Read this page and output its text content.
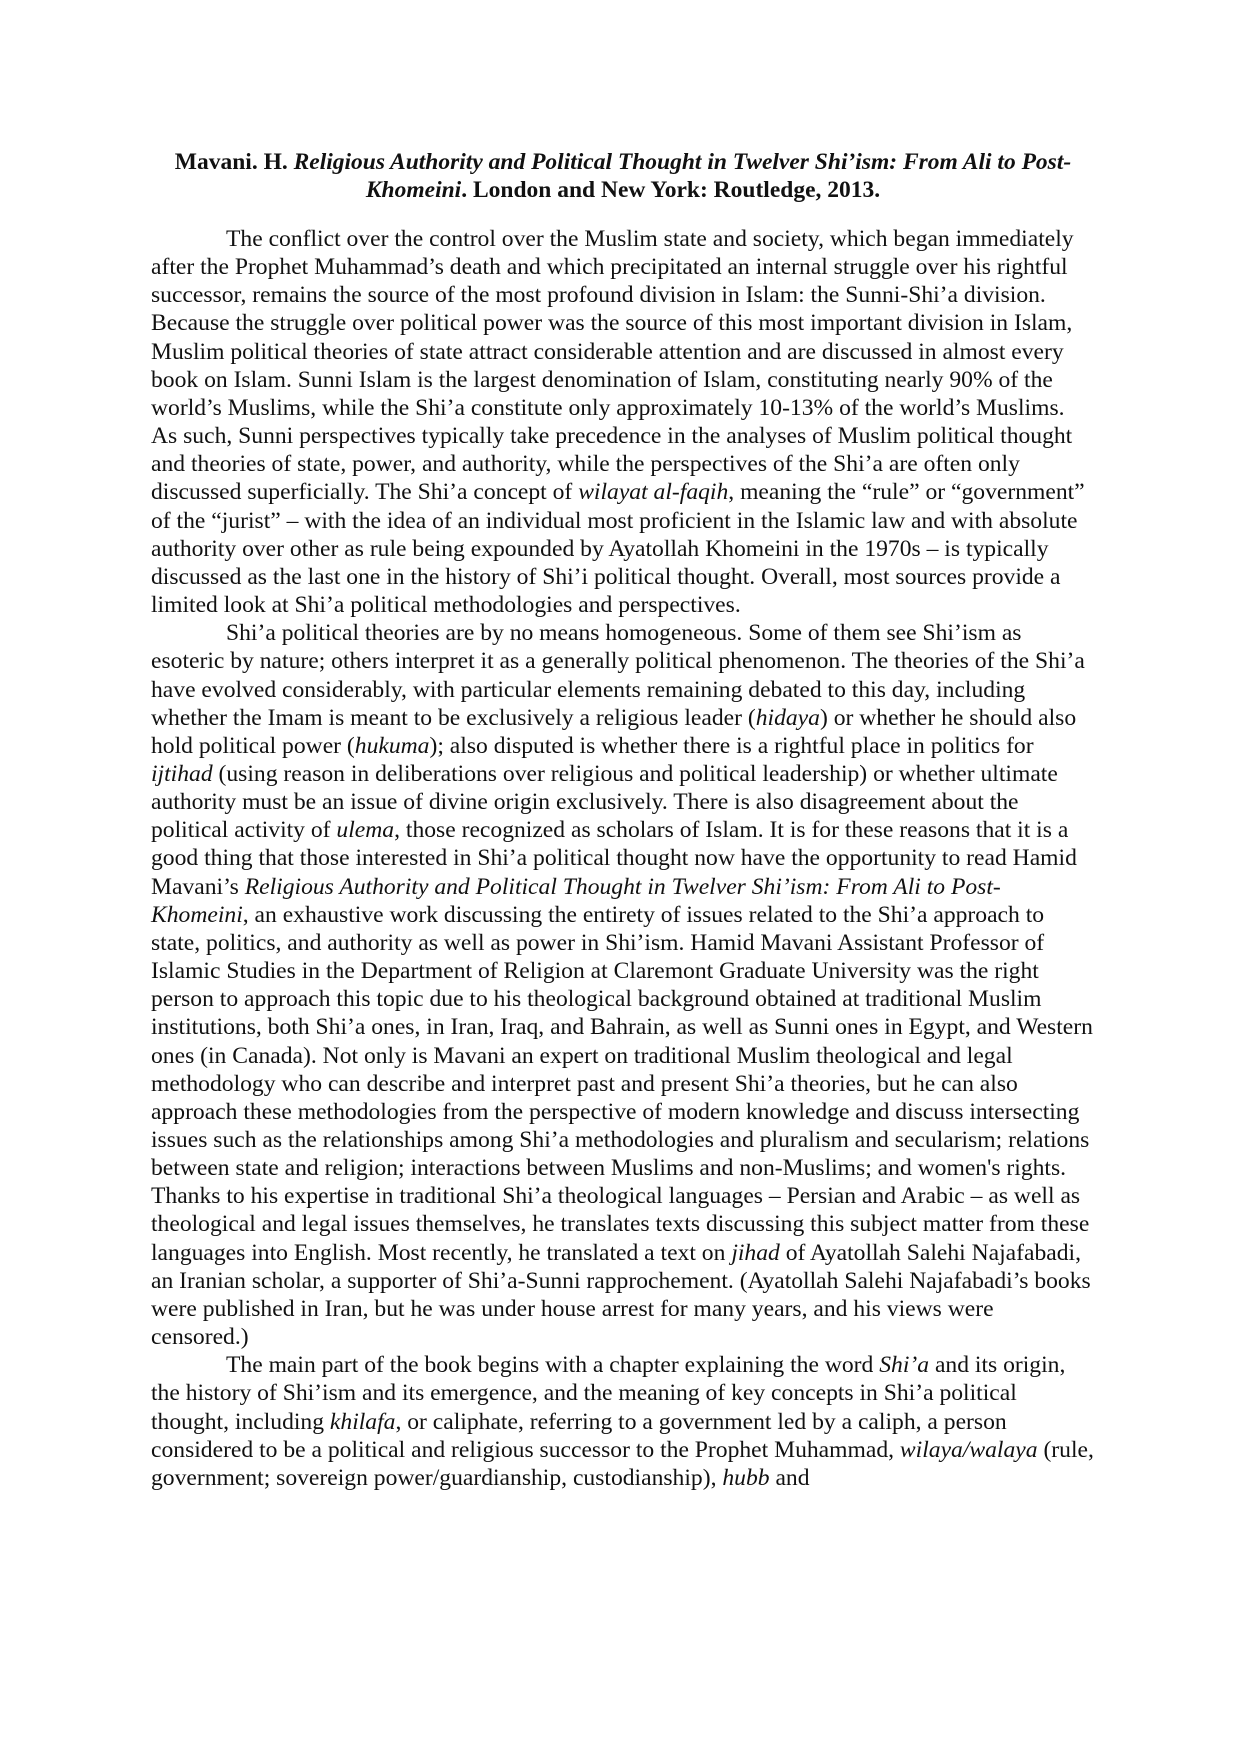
Mavani. H. Religious Authority and Political Thought in Twelver Shi’ism: From Ali to Post-Khomeini. London and New York: Routledge, 2013.

The conflict over the control over the Muslim state and society, which began immediately after the Prophet Muhammad’s death and which precipitated an internal struggle over his rightful successor, remains the source of the most profound division in Islam: the Sunni-Shi’a division. Because the struggle over political power was the source of this most important division in Islam, Muslim political theories of state attract considerable attention and are discussed in almost every book on Islam. Sunni Islam is the largest denomination of Islam, constituting nearly 90% of the world’s Muslims, while the Shi’a constitute only approximately 10-13% of the world’s Muslims. As such, Sunni perspectives typically take precedence in the analyses of Muslim political thought and theories of state, power, and authority, while the perspectives of the Shi’a are often only discussed superficially. The Shi’a concept of wilayat al-faqih, meaning the “rule” or “government” of the “jurist” – with the idea of an individual most proficient in the Islamic law and with absolute authority over other as rule being expounded by Ayatollah Khomeini in the 1970s – is typically discussed as the last one in the history of Shi’i political thought. Overall, most sources provide a limited look at Shi’a political methodologies and perspectives.

Shi’a political theories are by no means homogeneous. Some of them see Shi’ism as esoteric by nature; others interpret it as a generally political phenomenon. The theories of the Shi’a have evolved considerably, with particular elements remaining debated to this day, including whether the Imam is meant to be exclusively a religious leader (hidaya) or whether he should also hold political power (hukuma); also disputed is whether there is a rightful place in politics for ijtihad (using reason in deliberations over religious and political leadership) or whether ultimate authority must be an issue of divine origin exclusively. There is also disagreement about the political activity of ulema, those recognized as scholars of Islam. It is for these reasons that it is a good thing that those interested in Shi’a political thought now have the opportunity to read Hamid Mavani’s Religious Authority and Political Thought in Twelver Shi’ism: From Ali to Post-Khomeini, an exhaustive work discussing the entirety of issues related to the Shi’a approach to state, politics, and authority as well as power in Shi’ism. Hamid Mavani Assistant Professor of Islamic Studies in the Department of Religion at Claremont Graduate University was the right person to approach this topic due to his theological background obtained at traditional Muslim institutions, both Shi’a ones, in Iran, Iraq, and Bahrain, as well as Sunni ones in Egypt, and Western ones (in Canada). Not only is Mavani an expert on traditional Muslim theological and legal methodology who can describe and interpret past and present Shi’a theories, but he can also approach these methodologies from the perspective of modern knowledge and discuss intersecting issues such as the relationships among Shi’a methodologies and pluralism and secularism; relations between state and religion; interactions between Muslims and non-Muslims; and women's rights. Thanks to his expertise in traditional Shi’a theological languages – Persian and Arabic – as well as theological and legal issues themselves, he translates texts discussing this subject matter from these languages into English. Most recently, he translated a text on jihad of Ayatollah Salehi Najafabadi, an Iranian scholar, a supporter of Shi’a-Sunni rapprochement. (Ayatollah Salehi Najafabadi’s books were published in Iran, but he was under house arrest for many years, and his views were censored.)

The main part of the book begins with a chapter explaining the word Shi’a and its origin, the history of Shi’ism and its emergence, and the meaning of key concepts in Shi’a political thought, including khilafa, or caliphate, referring to a government led by a caliph, a person considered to be a political and religious successor to the Prophet Muhammad, wilaya/walaya (rule, government; sovereign power/guardianship, custodianship), hubb and
